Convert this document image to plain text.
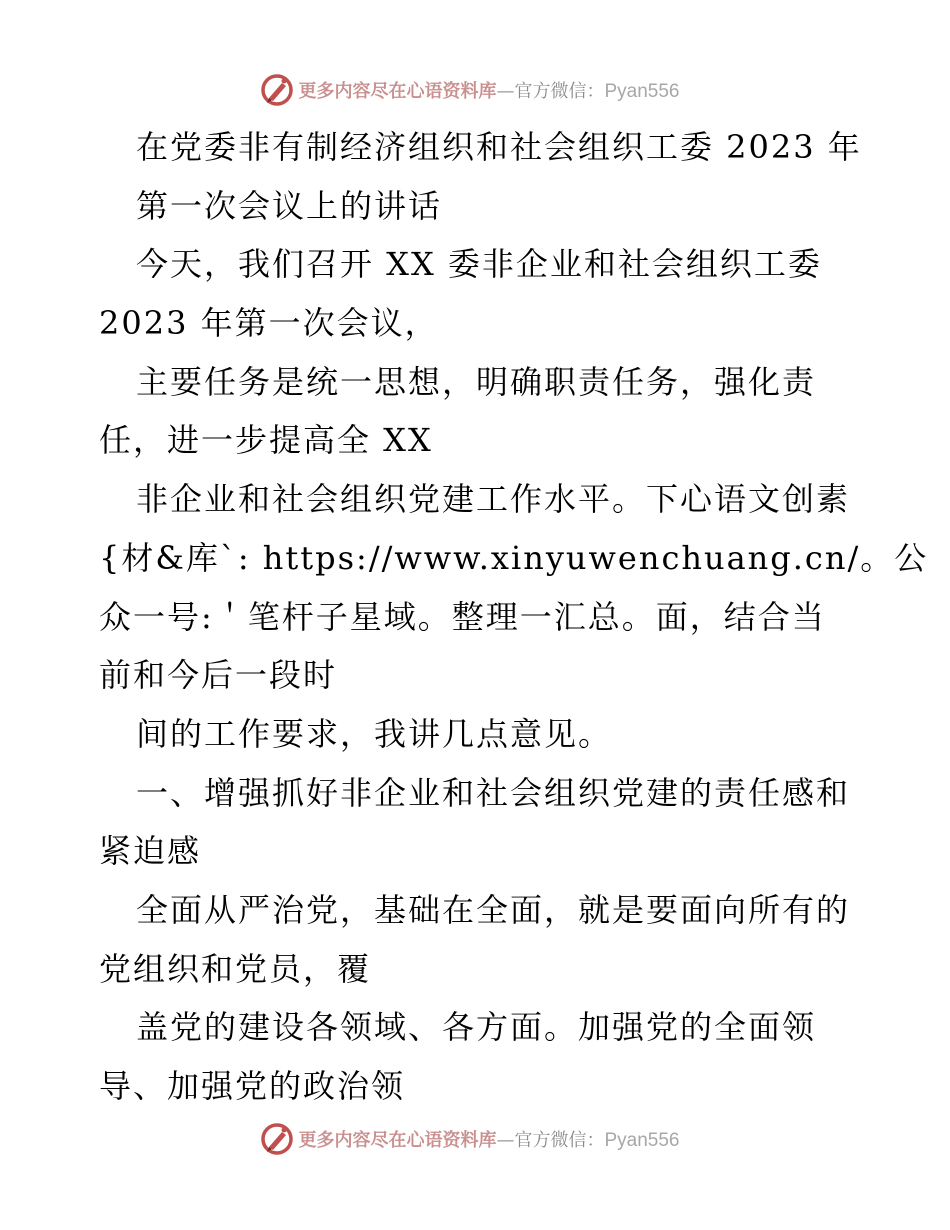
更多内容尽在心语资料库—官方微信：Pyan556
在党委非有制经济组织和社会组织工委 2023 年
第一次会议上的讲话
今天，我们召开 XX 委非企业和社会组织工委
2023 年第一次会议，
主要任务是统一思想，明确职责任务，强化责
任，进一步提高全 XX
非企业和社会组织党建工作水平。下心语文创素
{材&库`: https://www.xinyuwenchuang.cn/。公
众一号:＇笔杆子星域。整理一汇总。面，结合当
前和今后一段时
间的工作要求，我讲几点意见。
一、增强抓好非企业和社会组织党建的责任感和
紧迫感
全面从严治党，基础在全面，就是要面向所有的
党组织和党员，覆
盖党的建设各领域、各方面。加强党的全面领
导、加强党的政治领
更多内容尽在心语资料库—官方微信：Pyan556
